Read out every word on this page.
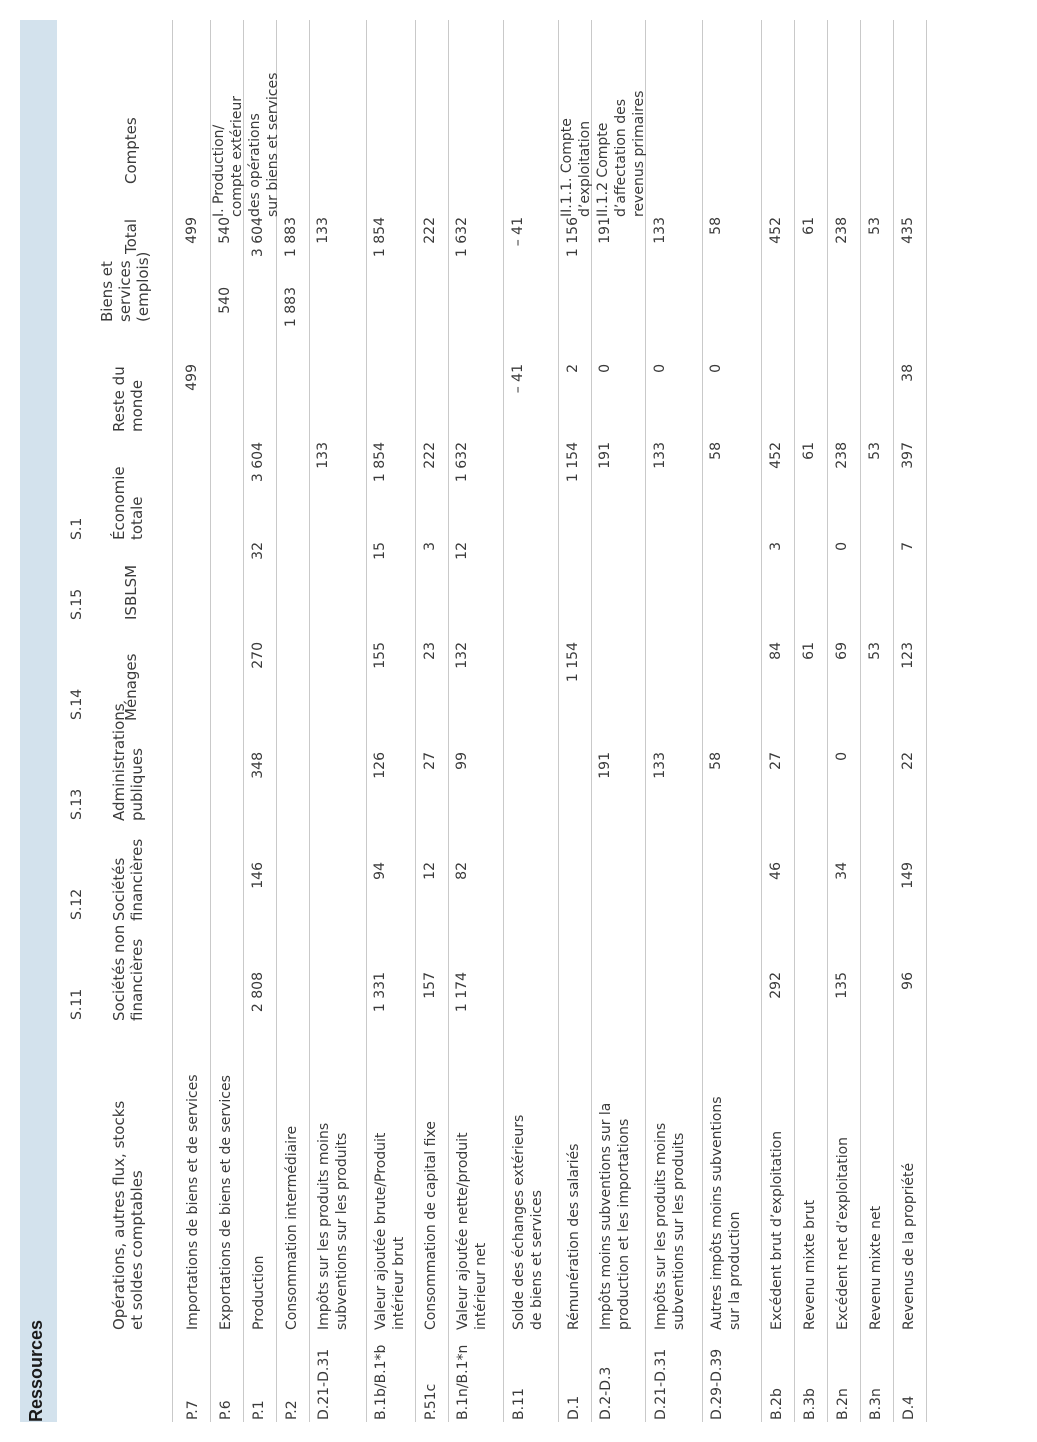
Ressources
S.11
S.12
S.13
S.14
S.15
S.1
Opérations, autres flux, stocks et soldes comptables
Sociétés non financières
Sociétés financières
Administrations publiques
Ménages
ISBLSM
Économie totale
Reste du monde
Biens et services (emplois)
Total
Comptes
P.7
Importations de biens et de services
499
499
P.6
Exportations de biens et de services
540
540
P.1
Production
2 808
146
348
270
32
3 604
3 604
P.2
Consommation intermédiaire
1 883
1 883
D.21-D.31
Impôts sur les produits moins subventions sur les produits
133
133
B.1b/B.1*b
Valeur ajoutée brute/Produit intérieur brut
1 331
94
126
155
15
1 854
1 854
P.51c
Consommation de capital fixe
157
12
27
23
3
222
222
B.1n/B.1*n
Valeur ajoutée nette/produit intérieur net
1 174
82
99
132
12
1 632
1 632
B.11
Solde des échanges extérieurs de biens et services
– 41
– 41
D.1
Rémunération des salariés
1 154
1 154
2
1 156
D.2-D.3
Impôts moins subventions sur la production et les importations
191
191
0
191
D.21-D.31
Impôts sur les produits moins subventions sur les produits
133
133
0
133
D.29-D.39
Autres impôts moins subventions sur la production
58
58
0
58
B.2b
Excédent brut d’exploitation
292
46
27
84
3
452
452
B.3b
Revenu mixte brut
61
61
61
B.2n
Excédent net d’exploitation
135
34
0
69
0
238
238
B.3n
Revenu mixte net
53
53
53
D.4
Revenus de la propriété
96
149
22
123
7
397
38
435
I. Production/ compte extérieur des opérations sur biens et services	II.1.1. Compte d’exploitation II.1.2 Compte d’affectation des revenus primaires
